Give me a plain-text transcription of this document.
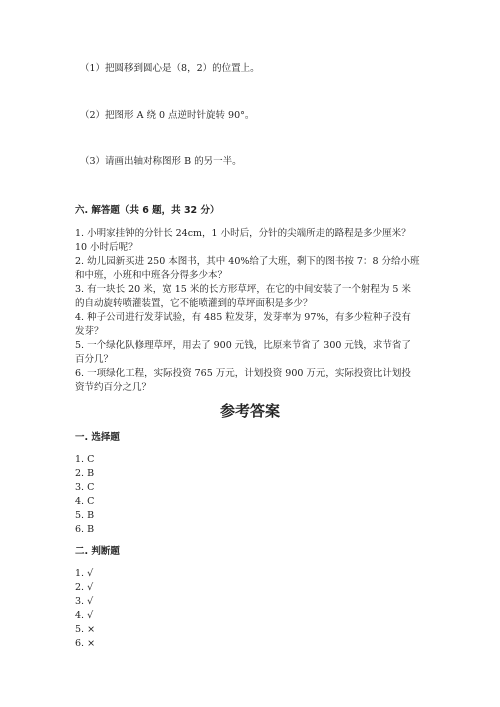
（1）把圆移到圆心是（8，2）的位置上。
（2）把图形 A 绕 0 点逆时针旋转 90°。
（3）请画出轴对称图形 B 的另一半。
六. 解答题（共 6 题，共 32 分）
1. 小明家挂钟的分针长 24cm，1 小时后，分针的尖端所走的路程是多少厘米？
10 小时后呢？
2. 幼儿园新买进 250 本图书，其中 40%给了大班，剩下的图书按 7：8 分给小班
和中班，小班和中班各分得多少本？
3. 有一块长 20 米，宽 15 米的长方形草坪，在它的中间安装了一个射程为 5 米
的自动旋转喷灌装置，它不能喷灌到的草坪面积是多少？
4. 种子公司进行发芽试验，有 485 粒发芽，发芽率为 97%，有多少粒种子没有
发芽？
5. 一个绿化队修理草坪，用去了 900 元钱，比原来节省了 300 元钱，求节省了
百分几？
6. 一项绿化工程，实际投资 765 万元，计划投资 900 万元，实际投资比计划投
资节约百分之几？
参考答案
一. 选择题
1. C
2. B
3. C
4. C
5. B
6. B
二. 判断题
1. √
2. √
3. √
4. √
5. ×
6. ×
